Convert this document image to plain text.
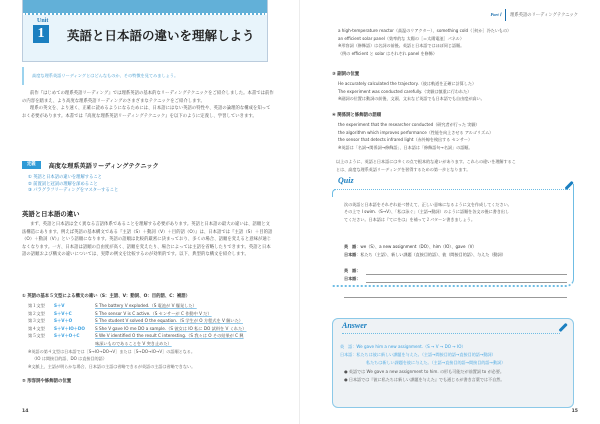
Unit
1	英語と日本語の違いを理解しよう
高度な理系英語リーディングとはどんなものか、その特徴を見てみましょう。

前作『はじめての理系英語リーディング』では理系英語の基本的なリーディングテクニックをご紹介しました。本書では前作の内容を踏まえ、より高度な理系英語リーディングのさまざまなテクニックをご紹介します。

理系の英文を、より速く、正確に読めるようになるためには、日本語にはない英語の特性や、英語の論理的な構成を知っておく必要があります。本書では『高度な理系英語リーディングテクニック』を以下のように定義し、学習していきます。

定義	高度な理系英語リーディングテクニック
① 英語と日本語の違いを理解すること
② 前置詞と冠詞の理解を深めること
③ パラグラフリーディングをマスターすること
英語と日本語の違い

まず、英語と日本語は全く異なる言語体系であることを理解する必要があります。英語と日本語の最大の違いは、語順と文法構造にあります。例えば英語の基本構文である『主語（S）＋動詞（V）＋目的語（O）』は、日本語では『主語（S）＋目的語（O）＋動詞（V）』という語順になります。英語の語順は比較的厳密に決まっており、多くの場合、語順を変えると意味が通じなくなります。一方、日本語は語順の自由度が高く、語順を変えたり、場合によっては主語を省略したりできます。英語と日本語の語順および構文の違いについては、実際の例文を比較するのが効果的です。以下、典型的な構文を紹介します。

① 英語の基本５文型による構文の違い（S：主語、V：動詞、O：目的語、C：補語）
第１文型	S＋V	S The battery V exploded.（S 電池が V 爆発した）
第２文型	S＋V＋C	S The sensor V is C active.（S センサーが C 作動中 V だ）
第３文型	S＋V＋O	S The student V solved O the equation.（S 学生が O 方程式を V 解いた）
第４文型	S＋V＋IO＋DO	S She V gave IO me DO a sample.（S 彼女は IO 私に DO 試料を V くれた）
第５文型	S＋V＋O＋C	S We V identified O the result C interesting.（S 我々は O その結果が C 興
味深いものであることを V 突き止めた）
※英語の第４文型は日本語では［S→IO→DO→V］または［S→DO→IO→V］の語順となる。
（IO は間接目的語、DO は直接目的語）
※文脈上、主語が明らかな場合、日本語の主語は省略できるが英語の主語は省略できない。
② 形容詞や修飾語の位置
14
Part Ⅰ 理系英語のリーディングテクニック
a high-temperature reactor（高温のリアクター）、something cold（［何か］冷たいもの）
an efficient solar panel（効率的な 太陽の［＝太陽電池］パネル）
※形容詞（修飾語）は名詞の前後。英語と日本語ではほぼ同じ語順。
（例の efficient と solar はそれぞれ panel を修飾）
③ 副詞の位置
He accurately calculated the trajectory.（彼は軌道を正確に計算した）
The experiment was conducted carefully.（実験は慎重に行われた）
※副詞の位置は動詞の前後、文頭、文末など英語でも日本語でも自由度が高い。
④ 関係詞と修飾語の語順
the experiment that the researcher conducted（研究者が行った 実験）
the algorithm which improves performance（性能を向上させる アルゴリズム）
the sensor that detects infrared light（赤外線を検出する センサー）
※英語は「名詞→関係詞→修飾語」、日本語は「修飾語句→名詞」の語順。
以上のように、英語と日本語には多くの点で根本的な違いがあります。これらの違いを理解するこ
とは、高度な理系英語リーディングを習得するための第一歩となります。
Quiz
次の英語と日本語をそれぞれ並べ替えて、正しい意味になるように文を作成してください。
その上で I swim.（S→V）、「私は泳ぐ」（主語→動詞）のように語順を各文の後に書き出し
てください。日本語は『てにをは』を補って２パターン書きましょう。
英　語：we（S）、a new assignment（DO）、him（IO）、gave（V）
日本語：私たち（主語）、新しい課題（直接目的語）、彼（間接目的語）、与えた（動詞）
英　語：
日本語：
Answer
英　語：We gave him a new assignment.（S → V → DO → IO）
日本語：私たちは彼に新しい課題を与えた。（主語→間接目的語→直接目的語→動詞）
私たちは新しい課題を彼に与えた。（主語→直接目的語→間接目的語→動詞）
● 英語では We gave a new assignment to him. の形も可能だが前置詞 to が必要。
● 日本語では『彼に私たちは新しい課題を与えた』でも通じるが書き言葉では不自然。
15
